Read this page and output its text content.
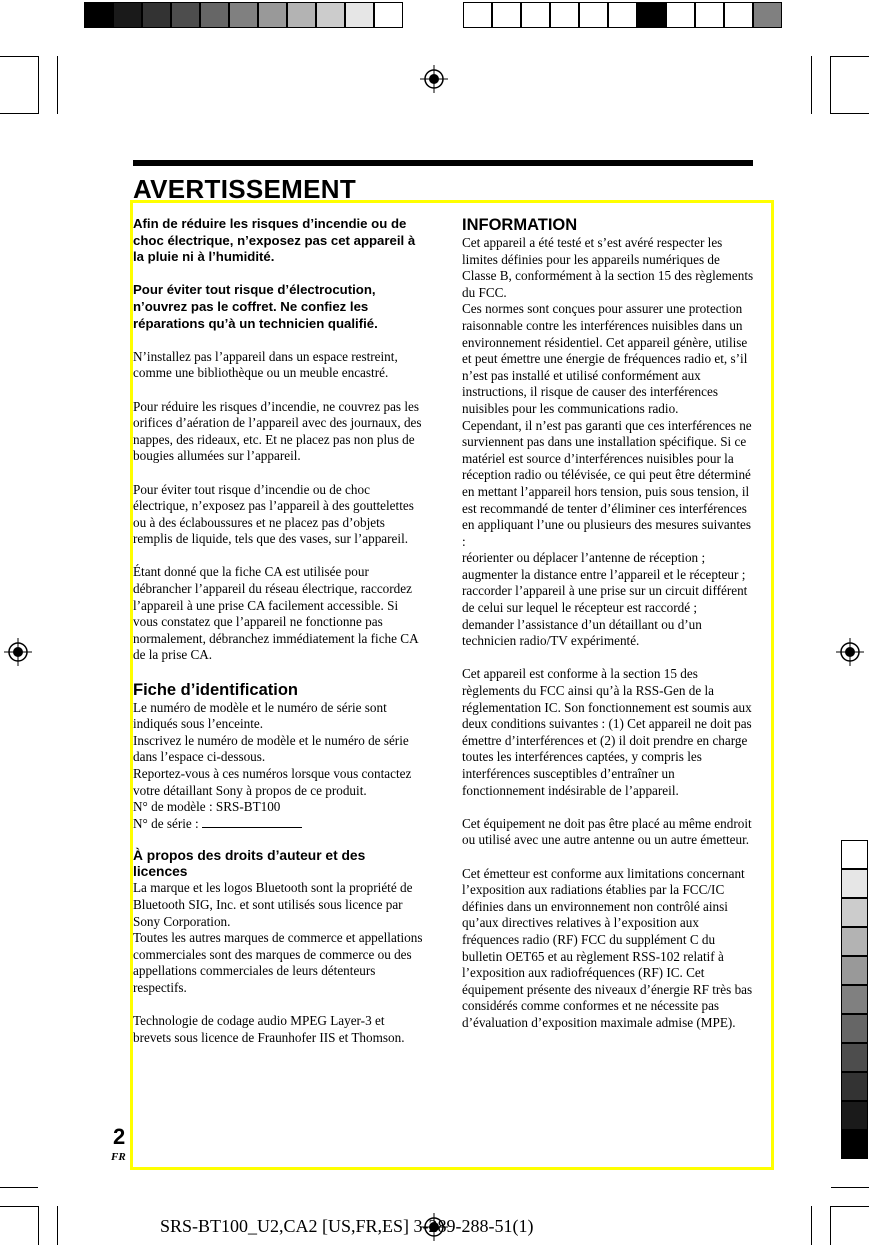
AVERTISSEMENT

Afin de réduire les risques d’incendie ou de choc électrique, n’exposez pas cet appareil à la pluie ni à l’humidité.

Pour éviter tout risque d’électrocution, n’ouvrez pas le coffret. Ne confiez les réparations qu’à un technicien qualifié.

N’installez pas l’appareil dans un espace restreint, comme une bibliothèque ou un meuble encastré.

Pour réduire les risques d’incendie, ne couvrez pas les orifices d’aération de l’appareil avec des journaux, des nappes, des rideaux, etc. Et ne placez pas non plus de bougies allumées sur l’appareil.

Pour éviter tout risque d’incendie ou de choc électrique, n’exposez pas l’appareil à des gouttelettes ou à des éclaboussures et ne placez pas d’objets remplis de liquide, tels que des vases, sur l’appareil.

Étant donné que la fiche CA est utilisée pour débrancher l’appareil du réseau électrique, raccordez l’appareil à une prise CA facilement accessible. Si vous constatez que l’appareil ne fonctionne pas normalement, débranchez immédiatement la fiche CA de la prise CA.

Fiche d’identification
Le numéro de modèle et le numéro de série sont indiqués sous l’enceinte.
Inscrivez le numéro de modèle et le numéro de série dans l’espace ci-dessous.
Reportez-vous à ces numéros lorsque vous contactez votre détaillant Sony à propos de ce produit.
N° de modèle : SRS-BT100
N° de série :
À propos des droits d’auteur et des licences
La marque et les logos Bluetooth sont la propriété de Bluetooth SIG, Inc. et sont utilisés sous licence par Sony Corporation.

Toutes les autres marques de commerce et appellations commerciales sont des marques de commerce ou des appellations commerciales de leurs détenteurs respectifs.

Technologie de codage audio MPEG Layer-3 et brevets sous licence de Fraunhofer IIS et Thomson.
INFORMATION
Cet appareil a été testé et s’est avéré respecter les limites définies pour les appareils numériques de Classe B, conformément à la section 15 des règlements du FCC.
Ces normes sont conçues pour assurer une protection raisonnable contre les interférences nuisibles dans un environnement résidentiel. Cet appareil génère, utilise et peut émettre une énergie de fréquences radio et, s’il n’est pas installé et utilisé conformément aux instructions, il risque de causer des interférences nuisibles pour les communications radio.
Cependant, il n’est pas garanti que ces interférences ne surviennent pas dans une installation spécifique. Si ce matériel est source d’interférences nuisibles pour la réception radio ou télévisée, ce qui peut être déterminé en mettant l’appareil hors tension, puis sous tension, il est recommandé de tenter d’éliminer ces interférences en appliquant l’une ou plusieurs des mesures suivantes :
réorienter ou déplacer l’antenne de réception ;
augmenter la distance entre l’appareil et le récepteur ;
raccorder l’appareil à une prise sur un circuit différent de celui sur lequel le récepteur est raccordé ;

demander l’assistance d’un détaillant ou d’un technicien radio/TV expérimenté.

Cet appareil est conforme à la section 15 des règlements du FCC ainsi qu’à la RSS-Gen de la réglementation IC. Son fonctionnement est soumis aux deux conditions suivantes : (1) Cet appareil ne doit pas émettre d’interférences et (2) il doit prendre en charge toutes les interférences captées, y compris les interférences susceptibles d’entraîner un fonctionnement indésirable de l’appareil.

Cet équipement ne doit pas être placé au même endroit ou utilisé avec une autre antenne ou un autre émetteur.

Cet émetteur est conforme aux limitations concernant l’exposition aux radiations établies par la FCC/IC définies dans un environnement non contrôlé ainsi qu’aux directives relatives à l’exposition aux fréquences radio (RF) FCC du supplément C du bulletin OET65 et au règlement RSS-102 relatif à l’exposition aux radiofréquences (RF) IC. Cet équipement présente des niveaux d’énergie RF très bas considérés comme conformes et ne nécessite pas d’évaluation d’exposition maximale admise (MPE).

2
FR
SRS-BT100_U2,CA2 [US,FR,ES] 3-289-288-51(1)
